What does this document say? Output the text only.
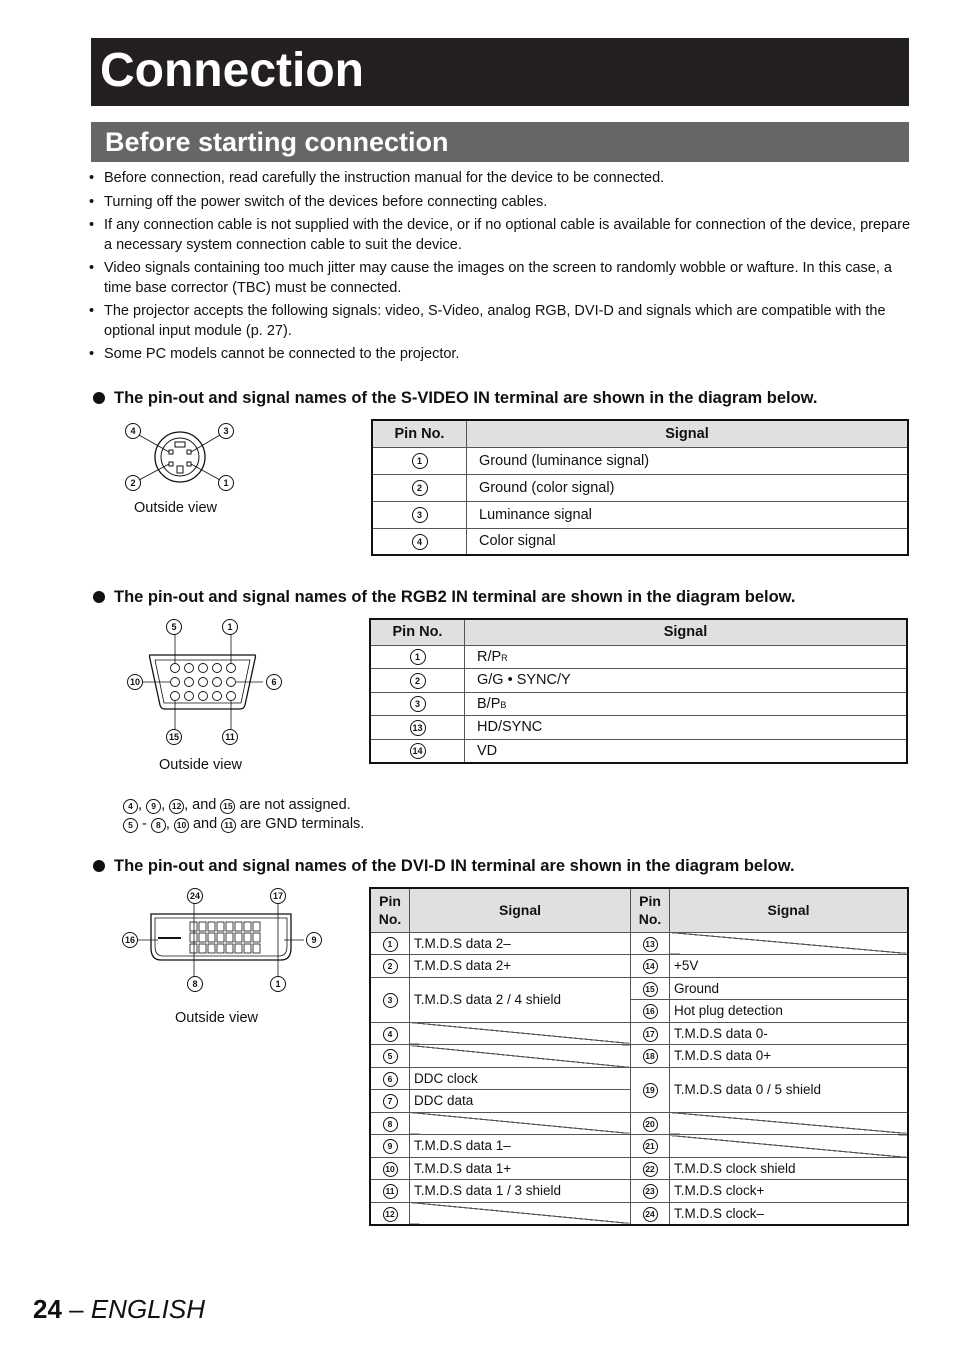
Connection
Before starting connection
• Before connection, read carefully the instruction manual for the device to be connected.
• Turning off the power switch of the devices before connecting cables.
• If any connection cable is not supplied with the device, or if no optional cable is available for connection of the device, prepare a necessary system connection cable to suit the device.
• Video signals containing too much jitter may cause the images on the screen to randomly wobble or wafture. In this case, a time base corrector (TBC) must be connected.
• The projector accepts the following signals: video, S-Video, analog RGB, DVI-D and signals which are compatible with the optional input module (p. 27).
• Some PC models cannot be connected to the projector.
The pin-out and signal names of the S-VIDEO IN terminal are shown in the diagram below.
4	3
2	1
Outside view
Pin No.	Signal
1	Ground (luminance signal)
2	Ground (color signal)
3	Luminance signal
4	Color signal
The pin-out and signal names of the RGB2 IN terminal are shown in the diagram below.
5	1
10	6
15	11
Outside view
Pin No.	Signal
1	R/PR
2	G/G • SYNC/Y
3	B/PB
13	HD/SYNC
14	VD
4 , 9 , 12 , and 15 are not assigned.
5 - 8 , 10 and 11 are GND terminals.
The pin-out and signal names of the DVI-D IN terminal are shown in the diagram below.
24	17
16	9
8	1
Outside view
Pin No.	Signal	Pin No.	Signal
1	T.M.D.S data 2–	13	
2	T.M.D.S data 2+	14	+5V
3	T.M.D.S data 2 / 4 shield	15	Ground
		16	Hot plug detection
4		17	T.M.D.S data 0-
5		18	T.M.D.S data 0+
6	DDC clock	19	T.M.D.S data 0 / 5 shield
7	DDC data		
8		20	
9	T.M.D.S data 1–	21	
10	T.M.D.S data 1+	22	T.M.D.S clock shield
11	T.M.D.S data 1 / 3 shield	23	T.M.D.S clock+
12		24	T.M.D.S clock–
24 – ENGLISH
